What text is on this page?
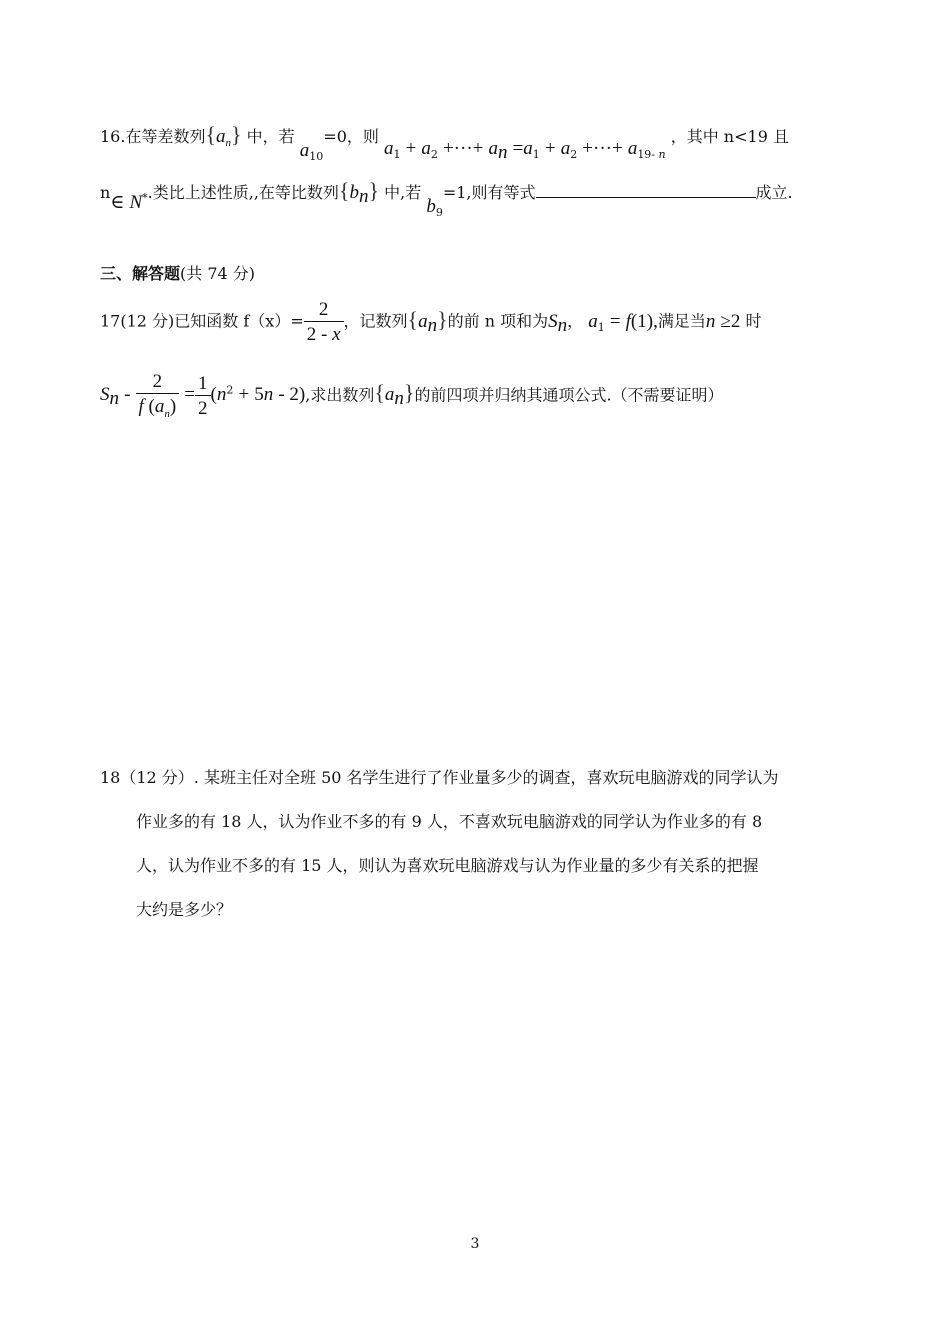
16.在等差数列$\{a_n\}$ 中，若 $a_{10}=0$，则 $a_1 + a_2$ +···+ $a_n =a_1 + a_2$ +···+ $a_{19- n}$ ，其中 n<19 且
n∈ N*.类比上述性质,,在等比数列$\{b_n\}$ 中,若 $b_9=1$,则有等式	成立.
三、解答题(共 74 分)
17(12 分)已知函数 $f(x)= \frac{2}{2 - x}$ ，记数列$\{a_n\}$的前 n 项和为$S_n$， $a_1 = f(1)$,满足当n ≥2 时
$S_n - \frac{2}{f (a_n)} = \frac{1}{2} (n^2 + 5n - 2)$,求出数列$\{a_n\}$的前四项并归纳其通项公式.（不需要证明）
18（12 分）. 某班主任对全班 50 名学生进行了作业量多少的调查，喜欢玩电脑游戏的同学认为
作业多的有 18 人，认为作业不多的有 9 人，不喜欢玩电脑游戏的同学认为作业多的有 8
人，认为作业不多的有 15 人，则认为喜欢玩电脑游戏与认为作业量的多少有关系的把握
大约是多少？
3
